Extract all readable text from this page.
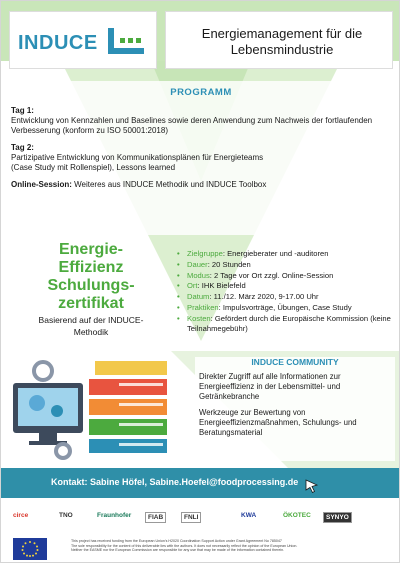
INDUCE	Energiemanagement für die
Lebensmindustrie
PROGRAMM
Tag 1:
Entwicklung von Kennzahlen und Baselines sowie deren Anwendung zum Nachweis der fortlaufenden Verbesserung (konform zu ISO 50001:2018)
Tag 2:
Partizipative Entwicklung von Kommunikationsplänen für Energieteams
(Case Study mit Rollenspiel), Lessons learned
Online-Session: Weiteres aus INDUCE Methodik und INDUCE Toolbox
Energie-
Effizienz
Schulungs-
zertifikat
Basierend auf der INDUCE-
Methodik
• Zielgruppe: Energieberater und -auditoren
• Dauer: 20 Stunden
• Modus: 2 Tage vor Ort zzgl. Online-Session
• Ort: IHK Bielefeld
• Datum: 11./12. März 2020, 9-17.00 Uhr
• Praktiken: Impulsvorträge, Übungen, Case Study
• Kosten: Gefördert durch die Europäische Kommission (keine Teilnahmegebühr)
INDUCE COMMUNITY
Direkter Zugriff auf alle Informationen zur Energieeffizienz in der Lebensmittel- und Getränkebranche
Werkzeuge zur Bewertung von Energieeffizienzmaßnahmen, Schulungs- und Beratungsmaterial
Kontakt: Sabine Höfel, Sabine.Hoefel@foodprocessing.de
circe	TNO	Fraunhofer	FIAB	FNLI	KWA	ÖKOTEC	SYNYO
This project has received funding from the European Union's H2020 Coordination Support Action under Grant Agreement No 785047
The sole responsibility for the content of this deliverable lies with the authors. It does not necessarily reflect the opinion of the European Union.
Neither the EASME nor the European Commission are responsible for any use that may be made of the information contained therein.
